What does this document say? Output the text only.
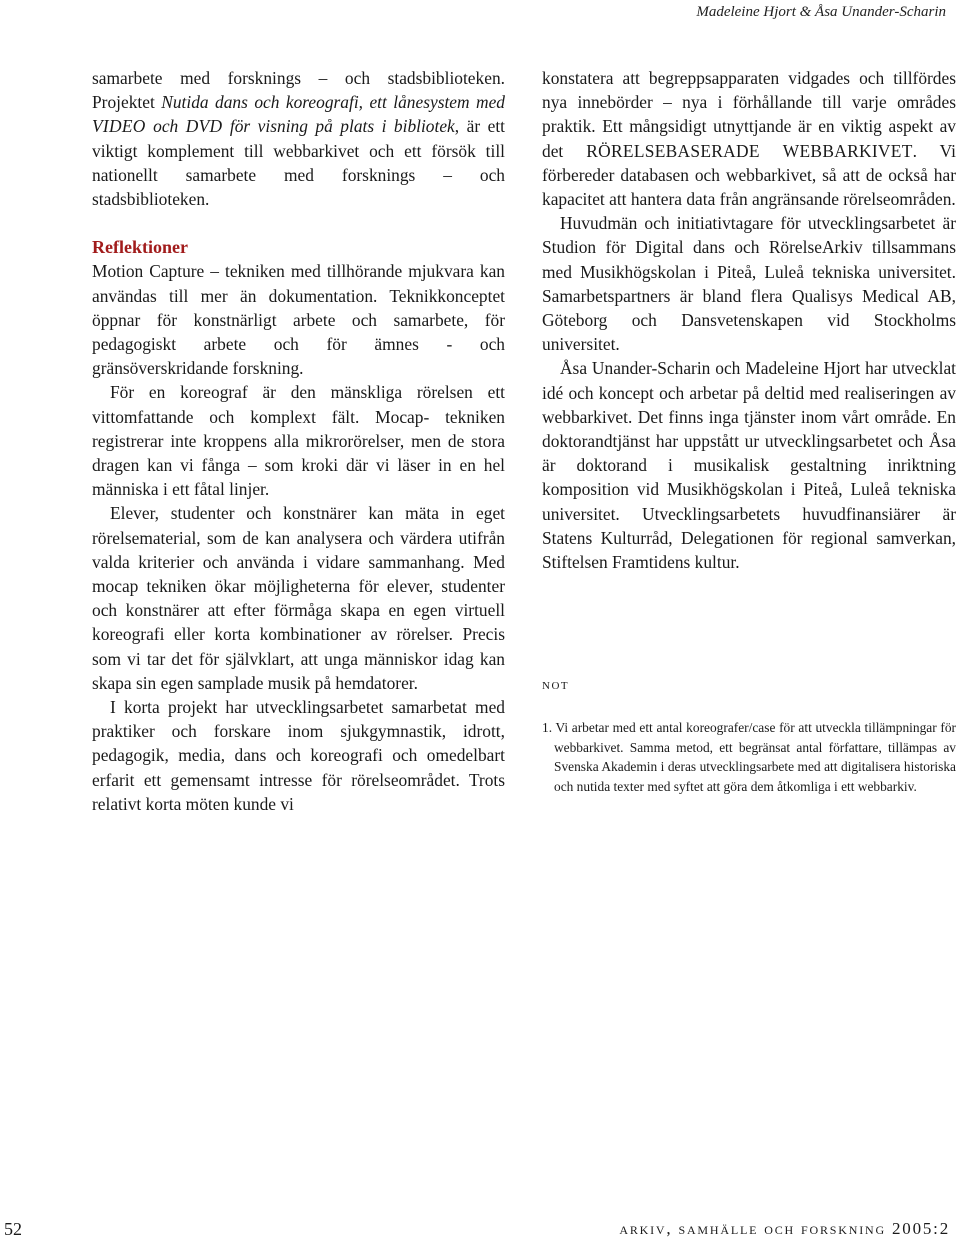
Madeleine Hjort & Åsa Unander-Scharin

samarbete med forsknings – och stadsbiblioteken. Projektet Nutida dans och koreografi, ett lånesystem med VIDEO och DVD för visning på plats i bibliotek, är ett viktigt komplement till webbarkivet och ett försök till nationellt samarbete med forsknings – och stadsbiblioteken.

Reflektioner

Motion Capture – tekniken med tillhörande mjukvara kan användas till mer än dokumentation. Teknikkonceptet öppnar för konstnärligt arbete och samarbete, för pedagogiskt arbete och för ämnes - och gränsöverskridande forskning.

För en koreograf är den mänskliga rörelsen ett vittomfattande och komplext fält. Mocap- tekniken registrerar inte kroppens alla mikrorörelser, men de stora dragen kan vi fånga – som kroki där vi läser in en hel människa i ett fåtal linjer.

Elever, studenter och konstnärer kan mäta in eget rörelsematerial, som de kan analysera och värdera utifrån valda kriterier och använda i vidare sammanhang. Med mocap tekniken ökar möjligheterna för elever, studenter och konstnärer att efter förmåga skapa en egen virtuell koreografi eller korta kombinationer av rörelser. Precis som vi tar det för självklart, att unga människor idag kan skapa sin egen samplade musik på hemdatorer.

I korta projekt har utvecklingsarbetet samarbetat med praktiker och forskare inom sjukgymnastik, idrott, pedagogik, media, dans och koreografi och omedelbart erfarit ett gemensamt intresse för rörelseområdet. Trots relativt korta möten kunde vi

konstatera att begreppsapparaten vidgades och tillfördes nya innebörder – nya i förhållande till varje områdes praktik. Ett mångsidigt utnyttjande är en viktig aspekt av det RÖRELSEBASERADE WEBBARKIVET. Vi förbereder databasen och webbarkivet, så att de också har kapacitet att hantera data från angränsande rörelseområden.

Huvudmän och initiativtagare för utvecklingsarbetet är Studion för Digital dans och RörelseArkiv tillsammans med Musikhögskolan i Piteå, Luleå tekniska universitet. Samarbetspartners är bland flera Qualisys Medical AB, Göteborg och Dansvetenskapen vid Stockholms universitet.

Åsa Unander-Scharin och Madeleine Hjort har utvecklat idé och koncept och arbetar på deltid med realiseringen av webbarkivet. Det finns inga tjänster inom vårt område. En doktorandtjänst har uppstått ur utvecklingsarbetet och Åsa är doktorand i musikalisk gestaltning inriktning komposition vid Musikhögskolan i Piteå, Luleå tekniska universitet. Utvecklingsarbetets huvudfinansiärer är Statens Kulturråd, Delegationen för regional samverkan, Stiftelsen Framtidens kultur.

not
1. Vi arbetar med ett antal koreografer/case för att utveckla tillämpningar för webbarkivet. Samma metod, ett begränsat antal författare, tillämpas av Svenska Akademin i deras utvecklingsarbete med att digitalisera historiska och nutida texter med syftet att göra dem åtkomliga i ett webbarkiv.
52	arkiv, samhälle och forskning 2005:2
